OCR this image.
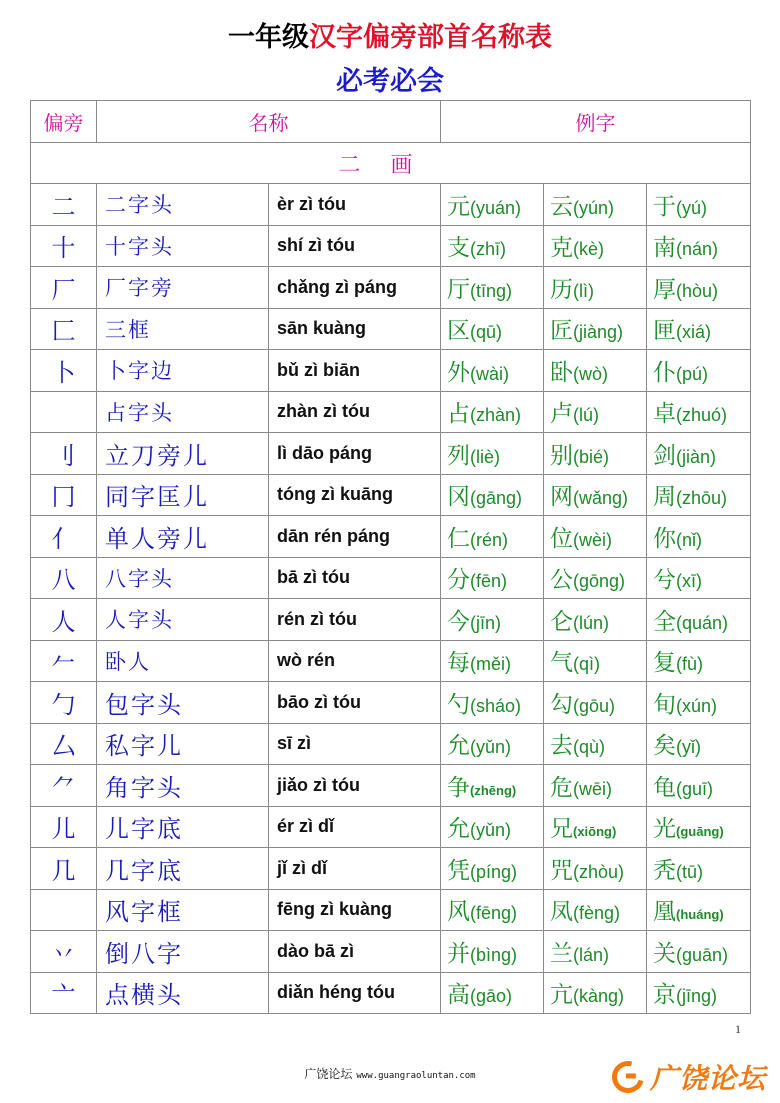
一年级汉字偏旁部首名称表
必考必会
偏旁	名称		例字		
二画					
二	二字头	èr zì tóu	元(yuán)	云(yún)	于(yú)
十	十字头	shí zì tóu	支(zhī)	克(kè)	南(nán)
厂	厂字旁	chǎng zì páng	厅(tīng)	历(lì)	厚(hòu)
匚	三框	sān kuàng	区(qū)	匠(jiàng)	匣(xiá)
卜	卜字边	bǔ zì biān	外(wài)	卧(wò)	仆(pú)
	占字头	zhàn zì tóu	占(zhàn)	卢(lú)	卓(zhuó)
刂	立刀旁儿	lì dāo páng	列(liè)	别(bié)	剑(jiàn)
冂	同字匡儿	tóng zì kuāng	冈(gāng)	网(wǎng)	周(zhōu)
亻	单人旁儿	dān rén páng	仁(rén)	位(wèi)	你(nǐ)
八	八字头	bā zì tóu	分(fēn)	公(gōng)	兮(xī)
人	人字头	rén zì tóu	今(jīn)	仑(lún)	全(quán)
𠂉	卧人	wò rén	每(měi)	气(qì)	复(fù)
勹	包字头	bāo zì tóu	勺(sháo)	勾(gōu)	旬(xún)
厶	私字儿	sī zì	允(yǔn)	去(qù)	矣(yǐ)
⺈	角字头	jiǎo zì tóu	争(zhēng)	危(wēi)	龟(guī)
儿	儿字底	ér zì dǐ	允(yǔn)	兄(xiōng)	光(guāng)
几	几字底	jǐ zì dǐ	凭(píng)	咒(zhòu)	秃(tū)
	风字框	fēng zì kuàng	风(fēng)	凤(fèng)	凰(huáng)
丷	倒八字	dào bā zì	并(bìng)	兰(lán)	关(guān)
亠	点横头	diǎn héng tóu	高(gāo)	亢(kàng)	京(jīng)
1
广饶论坛 www.guangraoluntan.com	广饶论坛
